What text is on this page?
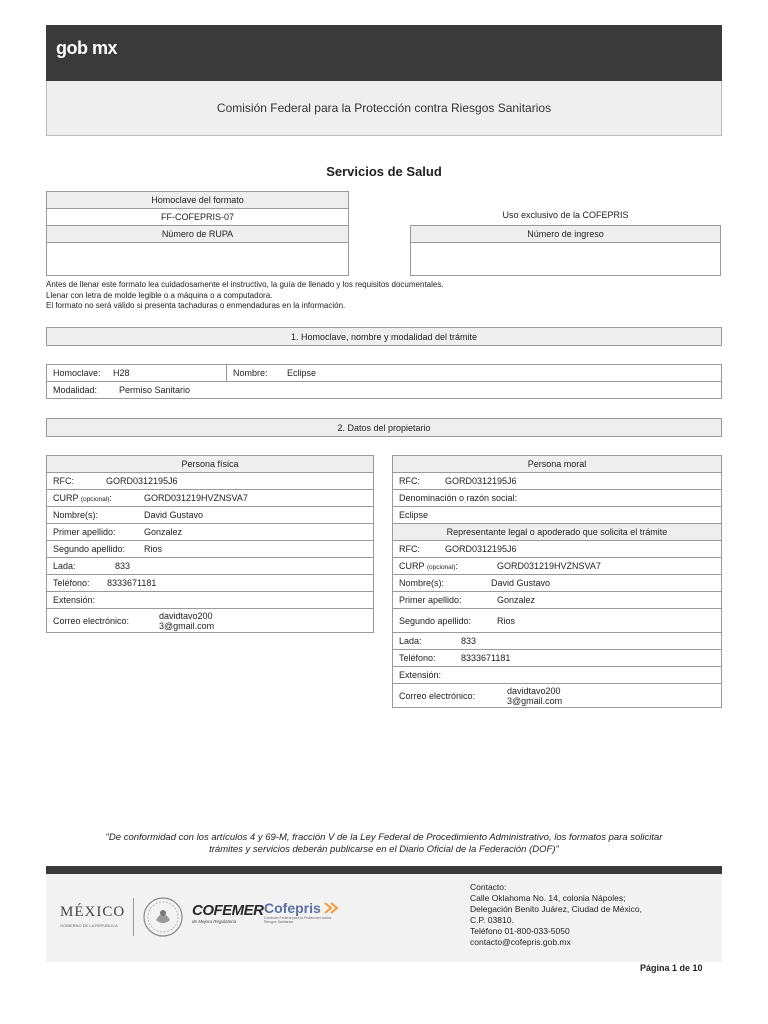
gob mx
Comisión Federal para la Protección contra Riesgos Sanitarios
Servicios de Salud
Homoclave del formato
FF-COFEPRIS-07
Número de RUPA

Uso exclusivo de la COFEPRIS
Número de ingreso

Antes de llenar este formato lea cuidadosamente el instructivo, la guía de llenado y los requisitos documentales.
Llenar con letra de molde legible o a máquina o a computadora.
El formato no será válido si presenta tachaduras o enmendaduras en la información.
1. Homoclave, nombre y modalidad del trámite
Homoclave:	H28	Nombre:	Eclipse

Modalidad:	Permiso Sanitario
2. Datos del propietario
Persona física

RFC:	GORD0312195J6

CURP (opcional):	GORD031219HVZNSVA7

Nombre(s):	David Gustavo

Primer apellido:	Gonzalez

Segundo apellido:	Rios

Lada:	833

Teléfono:	8333671181

Extensión:

Correo electrónico:	davidtavo200
3@gmail.com
Persona moral

RFC:	GORD0312195J6

Denominación o razón social:
Eclipse
Representante legal o apoderado que solicita el trámite

RFC:	GORD0312195J6

CURP (opcional):	GORD031219HVZNSVA7

Nombre(s):	David Gustavo

Primer apellido:	Gonzalez

Segundo apellido:	Rios

Lada:	833

Teléfono:	8333671181

Extensión:

Correo electrónico:	davidtavo200
3@gmail.com
"De conformidad con los artículos 4 y 69-M, fracción V de la Ley Federal de Procedimiento Administrativo, los formatos para solicitar
trámites y servicios deberán publicarse en el Diario Oficial de la Federación (DOF)"
MÉXICO
GOBIERNO DE LA REPÚBLICA
COFEMER
de Mejora Regulatoria
Cofepris
Comisión Federal para la Protección contra Riesgos Sanitarios
Contacto:
Calle Oklahoma No. 14, colonia Nápoles;
Delegación Benito Juárez, Ciudad de México,
C.P. 03810.
Teléfono 01-800-033-5050
contacto@cofepris.gob.mx
Página 1 de 10
